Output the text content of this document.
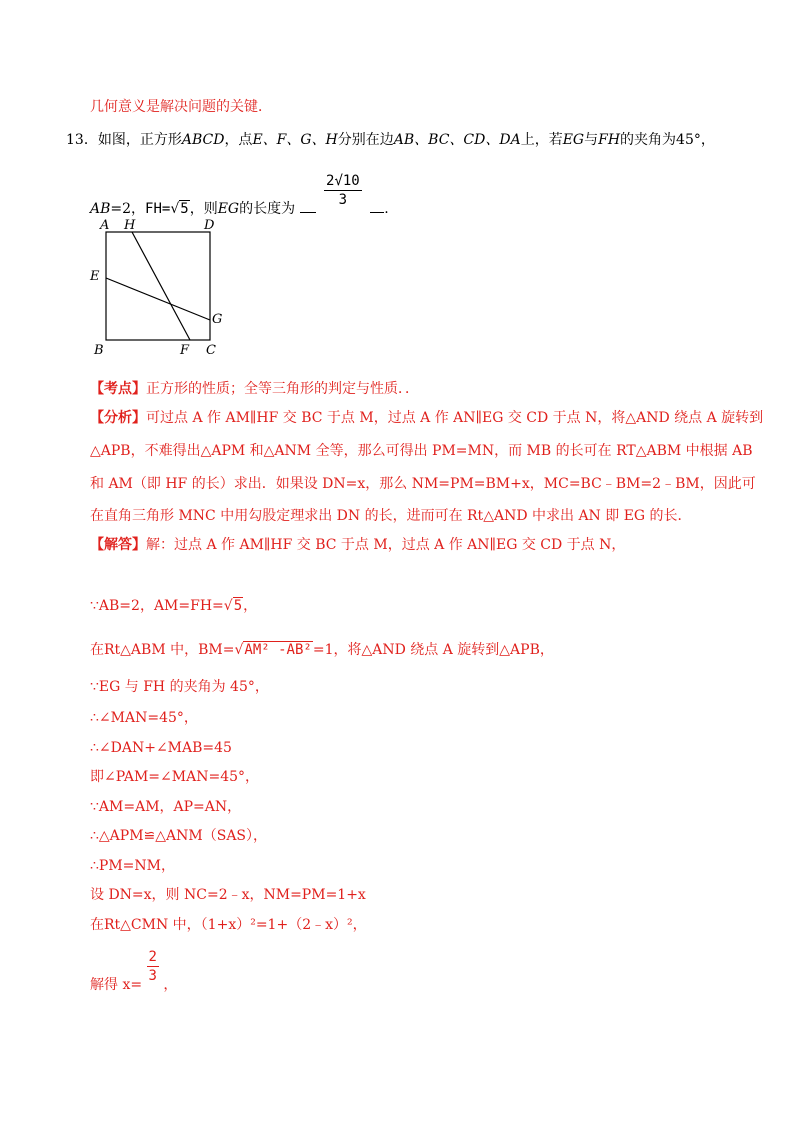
几何意义是解决问题的关键．
13．如图，正方形ABCD，点E、F、G、H分别在边AB、BC、CD、DA上，若EG与FH的夹角为45°，
AB=2，FH=√5，则EG的长度为 $\frac{2√10}{3}$ .
A H	D
E
G
B	F C
【考点】正方形的性质；全等三角形的判定与性质．．
【分析】可过点 A 作 AM∥HF 交 BC 于点 M，过点 A 作 AN∥EG 交 CD 于点 N，将△AND 绕点 A 旋转到
△APB，不难得出△APM 和△ANM 全等，那么可得出 PM=MN，而 MB 的长可在 RT△ABM 中根据 AB
和 AM（即 HF 的长）求出．如果设 DN=x，那么 NM=PM=BM+x，MC=BC﹣BM=2﹣BM，因此可
在直角三角形 MNC 中用勾股定理求出 DN 的长，进而可在 Rt△AND 中求出 AN 即 EG 的长．
【解答】解：过点 A 作 AM∥HF 交 BC 于点 M，过点 A 作 AN∥EG 交 CD 于点 N，
∵AB=2，AM=FH=√5，
在Rt△ABM 中，BM=√AM² -AB²=1，将△AND 绕点 A 旋转到△APB，
∵EG 与 FH 的夹角为 45°，
∴∠MAN=45°，
∴∠DAN+∠MAB=45
即∠PAM=∠MAN=45°，
∵AM=AM，AP=AN，
∴△APM≌△ANM（SAS），
∴PM=NM，
设 DN=x，则 NC=2﹣x，NM=PM=1+x
在Rt△CMN 中，（1+x）²=1+（2﹣x）²，
解得 $x= \frac{2}{3}$ ，
